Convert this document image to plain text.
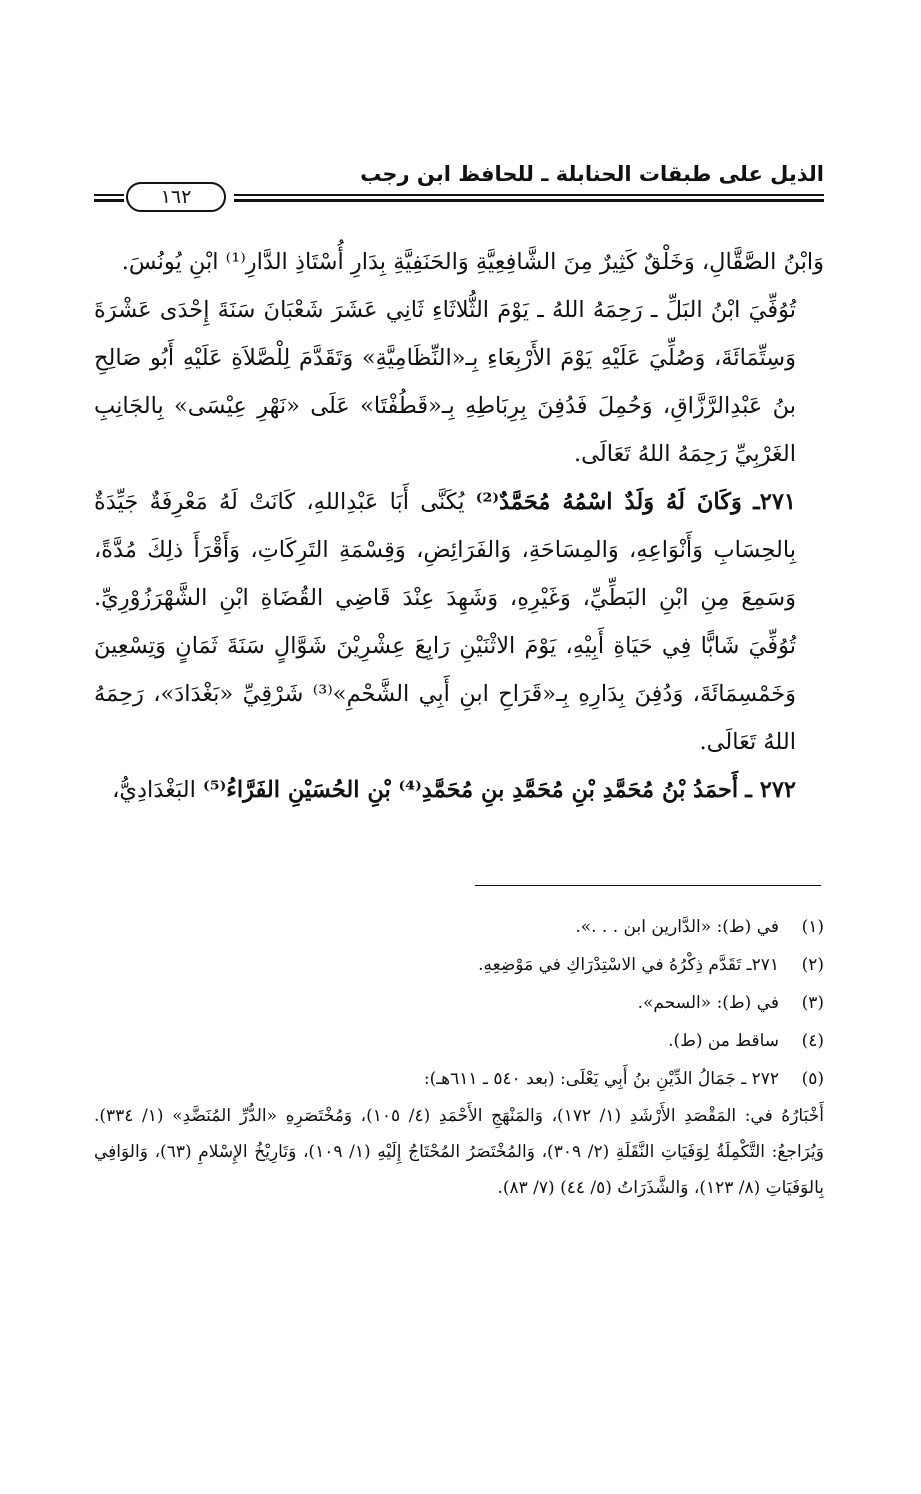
الذيل على طبقات الحنابلة ـ للحافظ ابن رجب
١٦٢

وَابْنُ الصَّقَّالِ، وَخَلْقٌ كَثِيرٌ مِنَ الشَّافِعِيَّةِ وَالحَنَفِيَّةِ بِدَارِ أُسْتَاذِ الدَّارِ⁽¹⁾ ابْنِ يُونُسَ.

تُوُفِّيَ ابْنُ البَلِّ ـ رَحِمَهُ اللهُ ـ يَوْمَ الثُّلاثَاءِ ثَانِي عَشَرَ شَعْبَانَ سَنَةَ إِحْدَى عَشْرَةَ وَسِتِّمَائَةَ، وَصُلِّيَ عَلَيْهِ يَوْمَ الأَرْبِعَاءِ بِـ«النِّظَامِيَّةِ» وَتَقَدَّمَ لِلْصَّلاَةِ عَلَيْهِ أَبُو صَالِحِ بنُ عَبْدِالرَّزَّاقِ، وَحُمِلَ فَدُفِنَ بِرِبَاطِهِ بِـ«قَطُفْتَا» عَلَى «نَهْرِ عِيْسَى» بِالجَانِبِ الغَرْبِيِّ رَحِمَهُ اللهُ تَعَالَى.

٢٧١ـ وَكَانَ لَهُ وَلَدٌ اسْمُهُ مُحَمَّدٌ⁽²⁾ يُكَنَّى أَبَا عَبْدِاللهِ، كَانَتْ لَهُ مَعْرِفَةٌ جَيِّدَةٌ بِالحِسَابِ وَأَنْوَاعِهِ، وَالمِسَاحَةِ، وَالفَرَائِضِ، وَقِسْمَةِ التَرِكَاتِ، وَأَقْرَأَ ذلِكَ مُدَّةً، وَسَمِعَ مِنِ ابْنِ البَطِّيِّ، وَغَيْرِهِ، وَشَهِدَ عِنْدَ قَاضِي القُضَاةِ ابْنِ الشَّهْرَزُوْرِيِّ. تُوُفِّيَ شَابًّا فِي حَيَاةِ أَبِيْهِ، يَوْمَ الاثْنَيْنِ رَابِعَ عِشْرِيْنَ شَوَّالٍ سَنَةَ ثَمَانٍ وَتِسْعِينَ وَخَمْسِمَائَةَ، وَدُفِنَ بِدَارِهِ بِـ«قَرَاحِ ابنِ أَبِي الشَّحْمِ»⁽³⁾ شَرْقِيِّ «بَغْدَادَ»، رَحِمَهُ اللهُ تَعَالَى.

٢٧٢ ـ أَحمَدُ بْنُ مُحَمَّدِ بْنِ مُحَمَّدِ بنِ مُحَمَّدِ⁽⁴⁾ بْنِ الحُسَيْنِ الفَرَّاءُ⁽⁵⁾ البَغْدَادِيُّ،

(١)
في (ط): «الدَّارين ابن . . .».
(٢)
٢٧١ـ تَقَدَّم ذِكْرُهُ في الاسْتِدْرَاكِ في مَوْضِعِهِ.
(٣)
في (ط): «السحم».
(٤)
ساقط من (ط).
(٥)
٢٧٢ ـ جَمَالُ الدِّيْنِ بنُ أَبِي يَعْلَى: (بعد ٥٤٠ ـ ٦١١هـ):
أَخْبَارُهُ في: المَقْصَدِ الأَرْشَدِ (١/ ١٧٢)، وَالمَنْهَجِ الأَحْمَدِ (٤/ ١٠٥)، وَمُخْتَصَرِهِ «الدُّرِّ المُنَضَّدِ» (١/ ٣٣٤). وَيُرَاجعُ: التَّكْمِلَةُ لِوَفَيَاتِ النَّقَلَةِ (٢/ ٣٠٩)، وَالمُخْتَصَرُ المُحْتَاجُ إِلَيْهِ (١/ ١٠٩)، وَتَارِيْخُ الإِسْلامِ (٦٣)، وَالوَافِي بِالوَفَيَاتِ (٨/ ١٢٣)، وَالشَّذَرَاتُ (٥/ ٤٤) (٧/ ٨٣).
